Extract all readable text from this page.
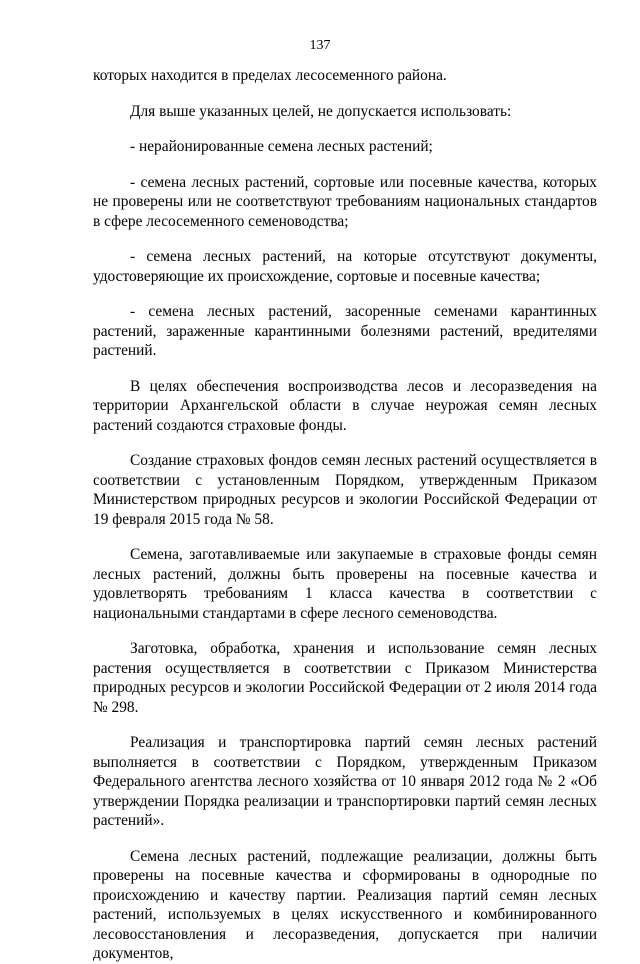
137

которых находится в пределах лесосеменного района.

Для выше указанных целей, не допускается использовать:

- нерайонированные семена лесных растений;

- семена лесных растений, сортовые или посевные качества, которых не проверены или не соответствуют требованиям национальных стандартов в сфере лесосеменного семеноводства;

- семена лесных растений, на которые отсутствуют документы, удостоверяющие их происхождение, сортовые и посевные качества;

- семена лесных растений, засоренные семенами карантинных растений, зараженные карантинными болезнями растений, вредителями растений.

В целях обеспечения воспроизводства лесов и лесоразведения на территории Архангельской области в случае неурожая семян лесных растений создаются страховые фонды.

Создание страховых фондов семян лесных растений осуществляется в соответствии с установленным Порядком, утвержденным Приказом Министерством природных ресурсов и экологии Российской Федерации от 19 февраля 2015 года № 58.

Семена, заготавливаемые или закупаемые в страховые фонды семян лесных растений, должны быть проверены на посевные качества и удовлетворять требованиям 1 класса качества в соответствии с национальными стандартами в сфере лесного семеноводства.

Заготовка, обработка, хранения и использование семян лесных растения осуществляется в соответствии с Приказом Министерства природных ресурсов и экологии Российской Федерации от 2 июля 2014 года № 298.

Реализация и транспортировка партий семян лесных растений выполняется в соответствии с Порядком, утвержденным Приказом Федерального агентства лесного хозяйства от 10 января 2012 года № 2 «Об утверждении Порядка реализации и транспортировки партий семян лесных растений».

Семена лесных растений, подлежащие реализации, должны быть проверены на посевные качества и сформированы в однородные по происхождению и качеству партии. Реализация партий семян лесных растений, используемых в целях искусственного и комбинированного лесовосстановления и лесоразведения, допускается при наличии документов,
